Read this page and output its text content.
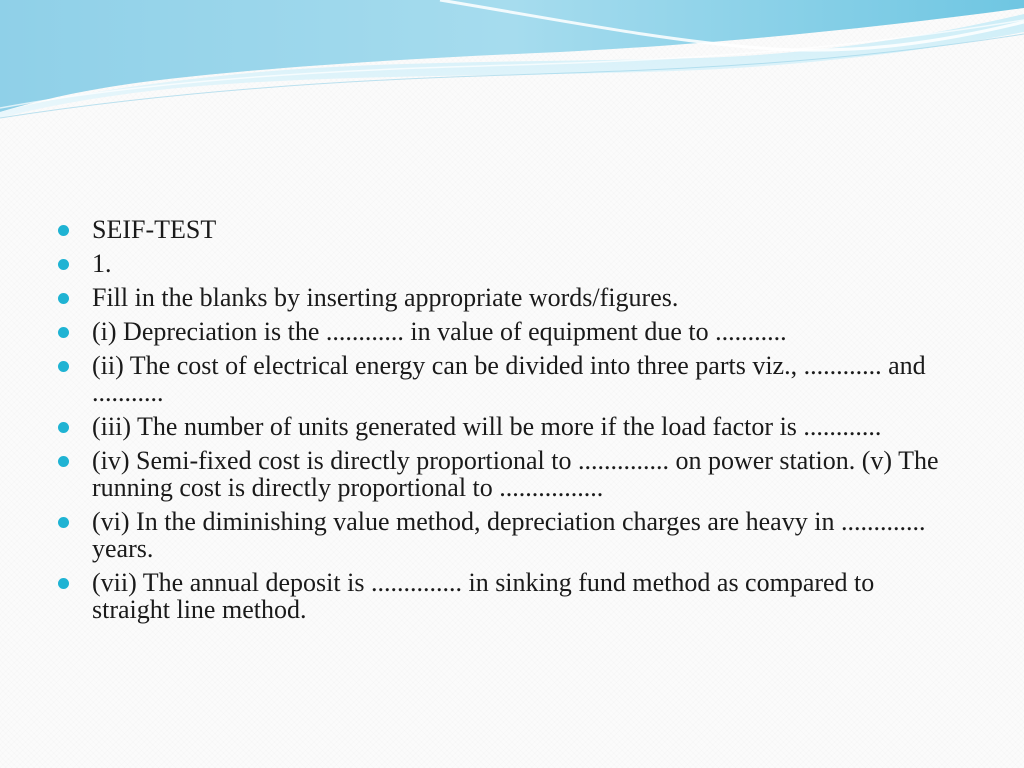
SEIF-TEST
1.
Fill in the blanks by inserting appropriate words/figures.
(i) Depreciation is the ............ in value of equipment due to ...........
(ii) The cost of electrical energy can be divided into three parts viz., ............ and ...........
(iii) The number of units generated will be more if the load factor is ............
(iv) Semi-fixed cost is directly proportional to .............. on power station. (v) The running cost is directly proportional to ................
(vi) In the diminishing value method, depreciation charges are heavy in ............. years.
(vii) The annual deposit is .............. in sinking fund method as compared to straight line method.
